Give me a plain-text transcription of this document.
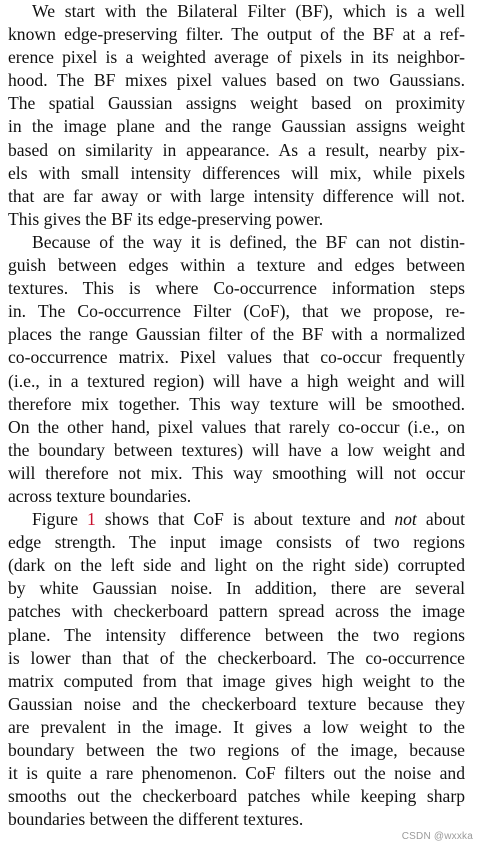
We start with the Bilateral Filter (BF), which is a well
known edge-preserving filter. The output of the BF at a ref-
erence pixel is a weighted average of pixels in its neighbor-
hood. The BF mixes pixel values based on two Gaussians.
The spatial Gaussian assigns weight based on proximity
in the image plane and the range Gaussian assigns weight
based on similarity in appearance. As a result, nearby pix-
els with small intensity differences will mix, while pixels
that are far away or with large intensity difference will not.
This gives the BF its edge-preserving power.
Because of the way it is defined, the BF can not distin-
guish between edges within a texture and edges between
textures. This is where Co-occurrence information steps
in. The Co-occurrence Filter (CoF), that we propose, re-
places the range Gaussian filter of the BF with a normalized
co-occurrence matrix. Pixel values that co-occur frequently
(i.e., in a textured region) will have a high weight and will
therefore mix together. This way texture will be smoothed.
On the other hand, pixel values that rarely co-occur (i.e., on
the boundary between textures) will have a low weight and
will therefore not mix. This way smoothing will not occur
across texture boundaries.
Figure 1 shows that CoF is about texture and not about
edge strength. The input image consists of two regions
(dark on the left side and light on the right side) corrupted
by white Gaussian noise. In addition, there are several
patches with checkerboard pattern spread across the image
plane. The intensity difference between the two regions
is lower than that of the checkerboard. The co-occurrence
matrix computed from that image gives high weight to the
Gaussian noise and the checkerboard texture because they
are prevalent in the image. It gives a low weight to the
boundary between the two regions of the image, because
it is quite a rare phenomenon. CoF filters out the noise and
smooths out the checkerboard patches while keeping sharp
boundaries between the different textures.
CSDN @wxxka
